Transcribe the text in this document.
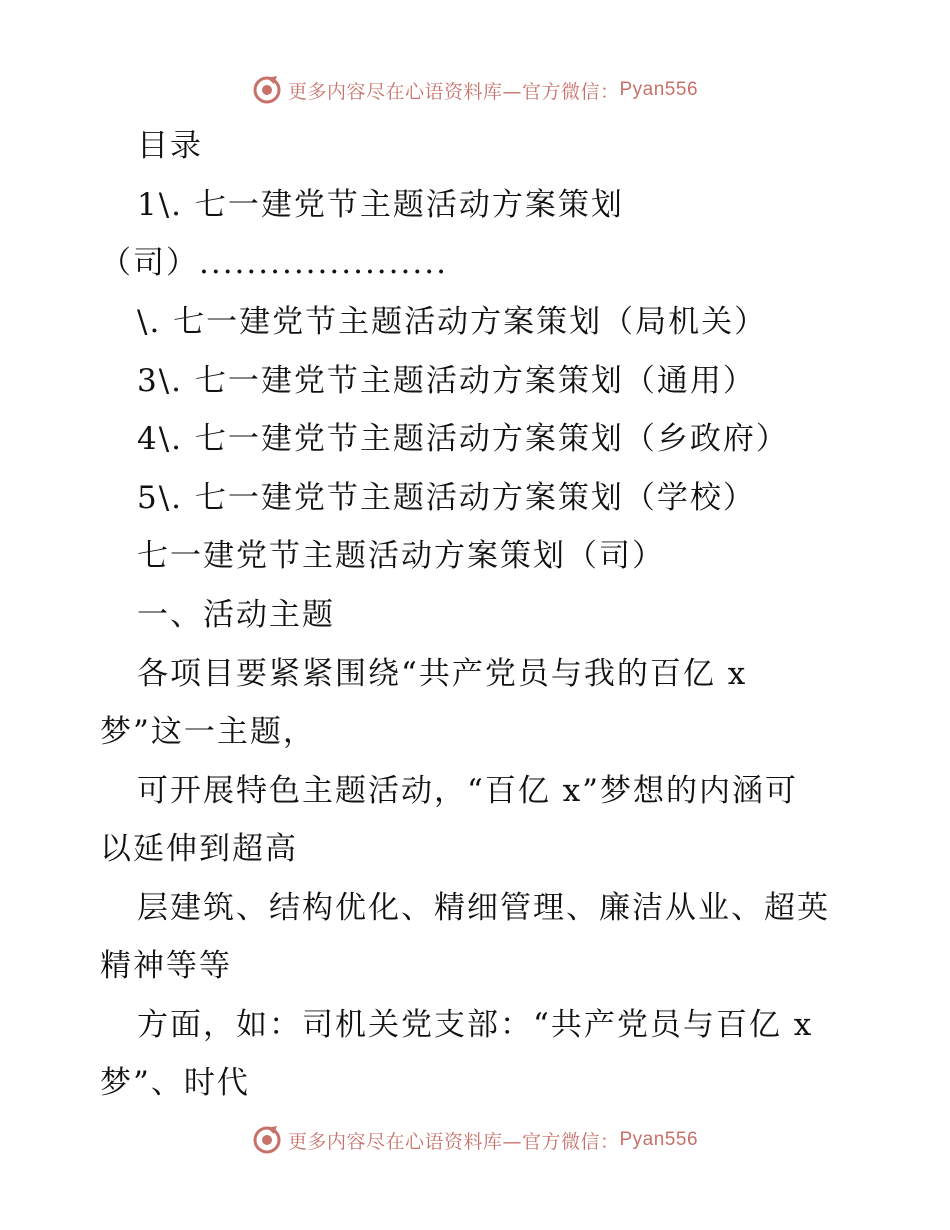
更多内容尽在心语资料库—官方微信： Pyan556
目录
1\. 七一建党节主题活动方案策划
（司）.....................
\. 七一建党节主题活动方案策划（局机关）
3\. 七一建党节主题活动方案策划（通用）
4\. 七一建党节主题活动方案策划（乡政府）
5\. 七一建党节主题活动方案策划（学校）
七一建党节主题活动方案策划（司）
一、活动主题
各项目要紧紧围绕“共产党员与我的百亿 x
梦”这一主题，
可开展特色主题活动，“百亿 x”梦想的内涵可
以延伸到超高
层建筑、结构优化、精细管理、廉洁从业、超英
精神等等
方面，如：司机关党支部：“共产党员与百亿 x
梦”、时代
更多内容尽在心语资料库—官方微信： Pyan556
